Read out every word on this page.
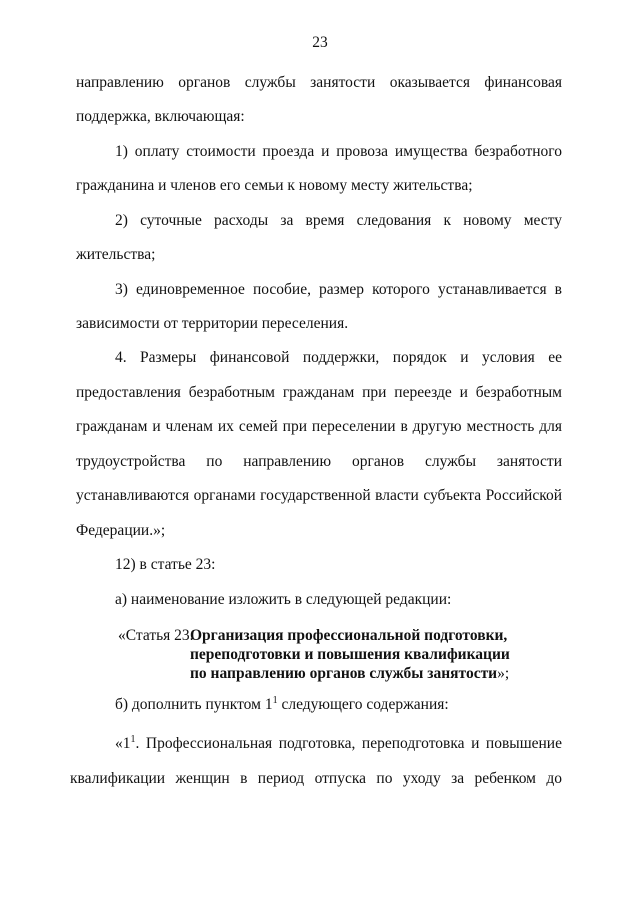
23
направлению органов службы занятости оказывается финансовая
поддержка, включающая:
1) оплату стоимости проезда и провоза имущества безработного
гражданина и членов его семьи к новому месту жительства;
2) суточные расходы за время следования к новому месту
жительства;
3) единовременное пособие, размер которого устанавливается в
зависимости от территории переселения.
4. Размеры финансовой поддержки, порядок и условия ее
предоставления безработным гражданам при переезде и безработным
гражданам и членам их семей при переселении в другую местность для
трудоустройства по направлению органов службы занятости
устанавливаются органами государственной власти субъекта Российской
Федерации.»;
12) в статье 23:
а) наименование изложить в следующей редакции:
«Статья 23.
Организация профессиональной подготовки,
переподготовки и повышения квалификации
по направлению органов службы занятости »;
б) дополнить пунктом $1^1$ следующего содержания:
«$1^1$. Профессиональная подготовка, переподготовка и повышение
квалификации женщин в период отпуска по уходу за ребенком до
